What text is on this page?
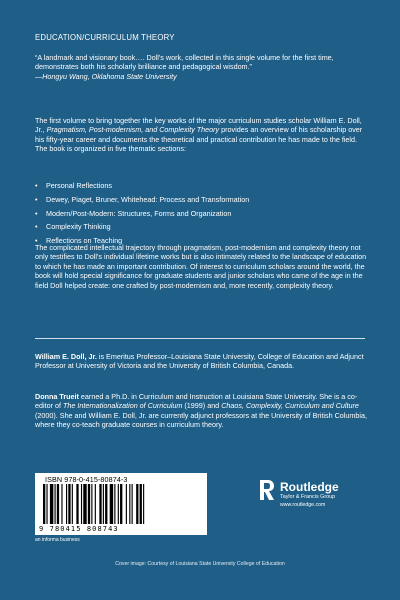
EDUCATION/CURRICULUM THEORY
“A landmark and visionary book…. Doll’s work, collected in this single volume for the first time, demonstrates both his scholarly brilliance and pedagogical wisdom.”
—Hongyu Wang, Oklahoma State University
The first volume to bring together the key works of the major curriculum studies scholar William E. Doll, Jr., Pragmatism, Post-modernism, and Complexity Theory provides an overview of his scholarship over his fifty-year career and documents the theoretical and practical contribution he has made to the field. The book is organized in five thematic sections:
• Personal Reflections
• Dewey, Piaget, Bruner, Whitehead: Process and Transformation
• Modern/Post-Modern: Structures, Forms and Organization
• Complexity Thinking
• Reflections on Teaching
The complicated intellectual trajectory through pragmatism, post-modernism and complexity theory not only testifies to Doll’s individual lifetime works but is also intimately related to the landscape of education to which he has made an important contribution. Of interest to curriculum scholars around the world, the book will hold special significance for graduate students and junior scholars who came of the age in the field Doll helped create: one crafted by post-modernism and, more recently, complexity theory.
William E. Doll, Jr. is Emeritus Professor–Louisiana State University, College of Education and Adjunct Professor at University of Victoria and the University of British Columbia, Canada.
Donna Trueit earned a Ph.D. in Curriculum and Instruction at Louisiana State University. She is a co-editor of The Internationalization of Curriculum (1999) and Chaos, Complexity, Curriculum and Culture (2000). She and William E. Doll, Jr. are currently adjunct professors at the University of British Columbia, where they co-teach graduate courses in curriculum theory.
ISBN 978-0-415-80874-3
9 780415 808743
an informa business
Routledge
Taylor & Francis Group
www.routledge.com
Cover image: Courtesy of Louisiana State University College of Education
